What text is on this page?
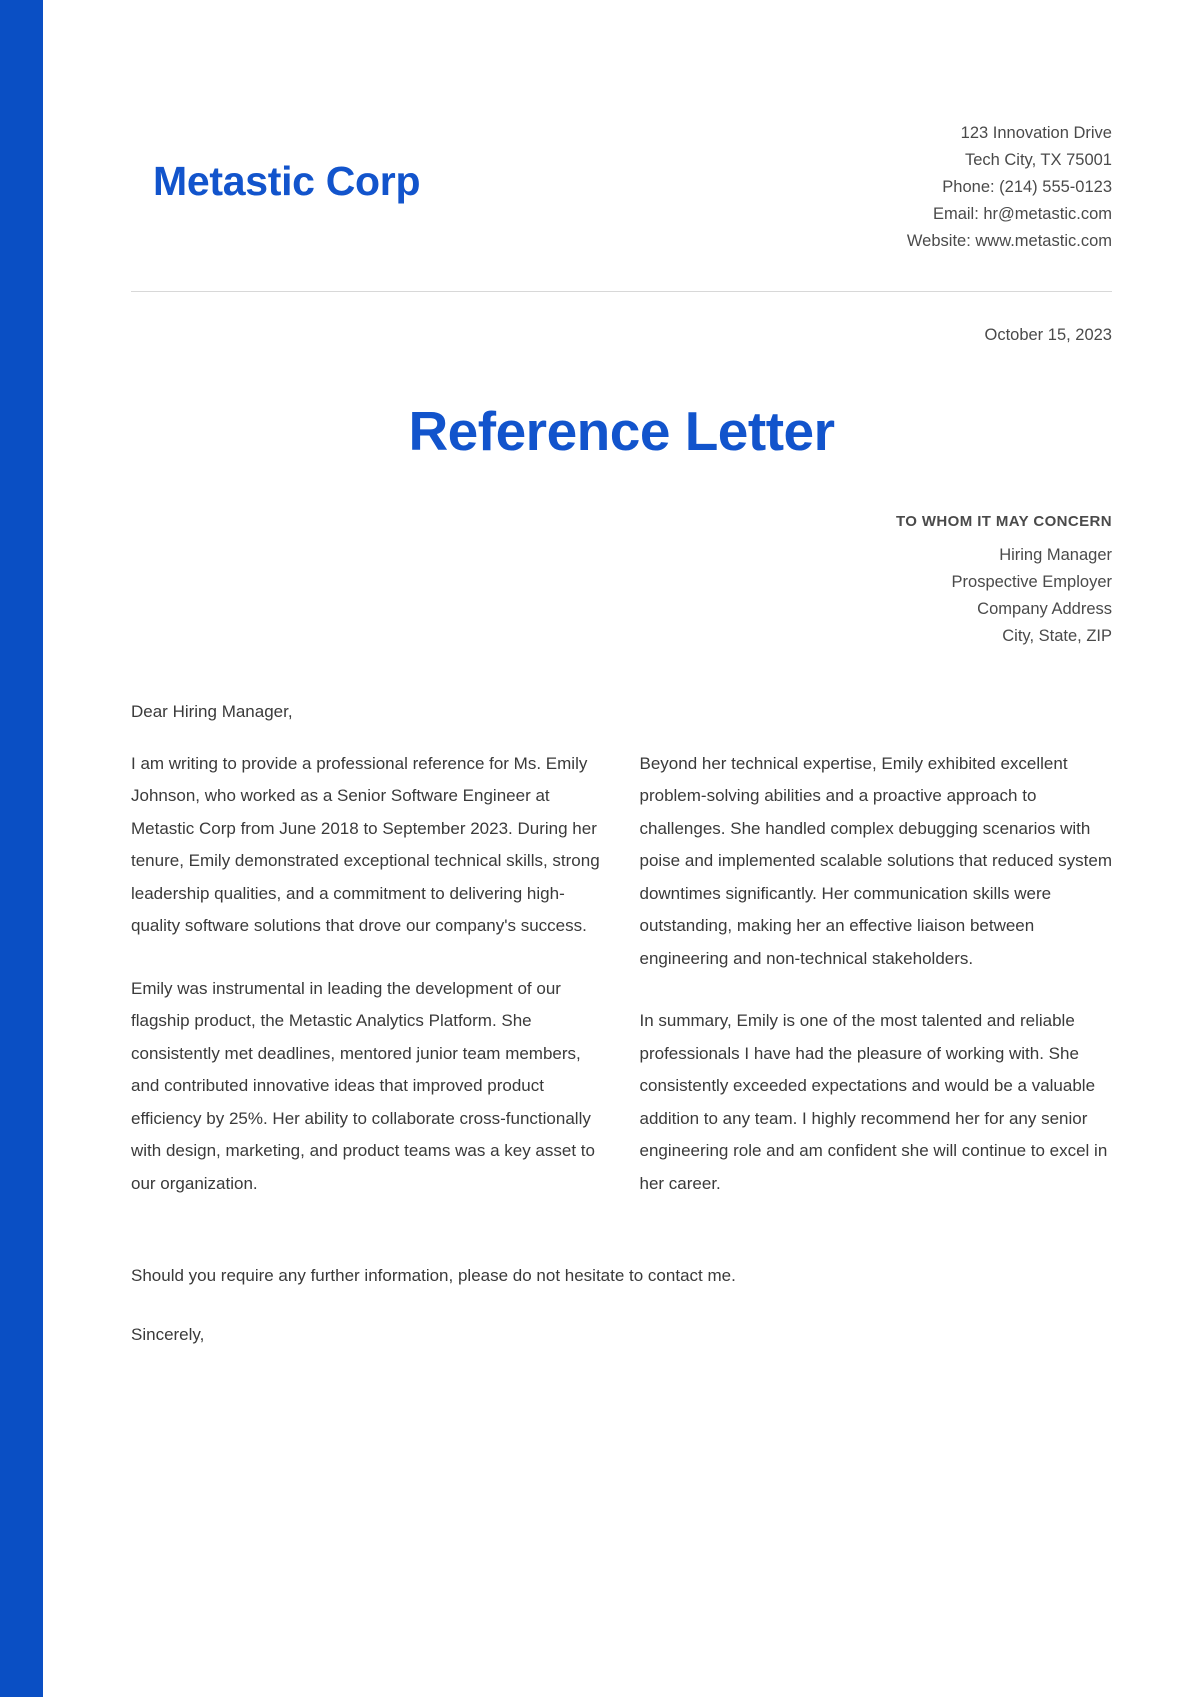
Metastic Corp
123 Innovation Drive
Tech City, TX 75001
Phone: (214) 555-0123
Email: hr@metastic.com
Website: www.metastic.com
October 15, 2023
Reference Letter
TO WHOM IT MAY CONCERN
Hiring Manager
Prospective Employer
Company Address
City, State, ZIP
Dear Hiring Manager,

I am writing to provide a professional reference for Ms. Emily Johnson, who worked as a Senior Software Engineer at Metastic Corp from June 2018 to September 2023. During her tenure, Emily demonstrated exceptional technical skills, strong leadership qualities, and a commitment to delivering high-quality software solutions that drove our company's success.

Emily was instrumental in leading the development of our flagship product, the Metastic Analytics Platform. She consistently met deadlines, mentored junior team members, and contributed innovative ideas that improved product efficiency by 25%. Her ability to collaborate cross-functionally with design, marketing, and product teams was a key asset to our organization.

Beyond her technical expertise, Emily exhibited excellent problem-solving abilities and a proactive approach to challenges. She handled complex debugging scenarios with poise and implemented scalable solutions that reduced system downtimes significantly. Her communication skills were outstanding, making her an effective liaison between engineering and non-technical stakeholders.

In summary, Emily is one of the most talented and reliable professionals I have had the pleasure of working with. She consistently exceeded expectations and would be a valuable addition to any team. I highly recommend her for any senior engineering role and am confident she will continue to excel in her career.

Should you require any further information, please do not hesitate to contact me.

Sincerely,
